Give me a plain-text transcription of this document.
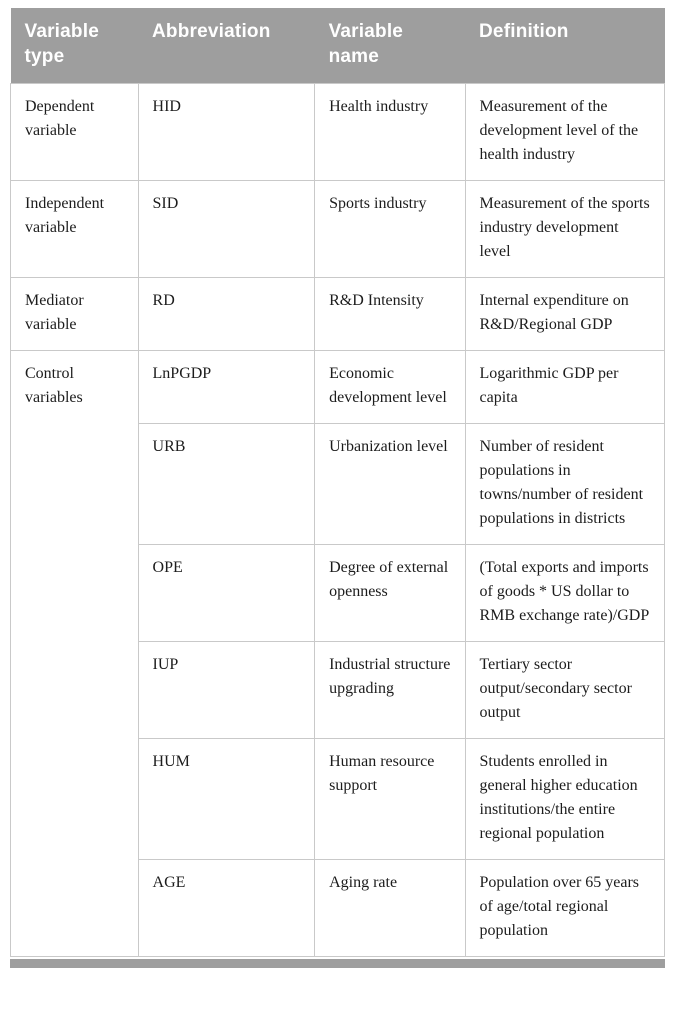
Variable type	Abbreviation	Variable name	Definition
Dependent variable	HID	Health industry	Measurement of the development level of the health industry
Independent variable	SID	Sports industry	Measurement of the sports industry development level
Mediator variable	RD	R&D Intensity	Internal expenditure on R&D/Regional GDP
Control variables	LnPGDP	Economic development level	Logarithmic GDP per capita
	URB	Urbanization level	Number of resident populations in towns/number of resident populations in districts
	OPE	Degree of external openness	(Total exports and imports of goods * US dollar to RMB exchange rate)/GDP
	IUP	Industrial structure upgrading	Tertiary sector output/secondary sector output
	HUM	Human resource support	Students enrolled in general higher education institutions/the entire regional population
	AGE	Aging rate	Population over 65 years of age/total regional population
